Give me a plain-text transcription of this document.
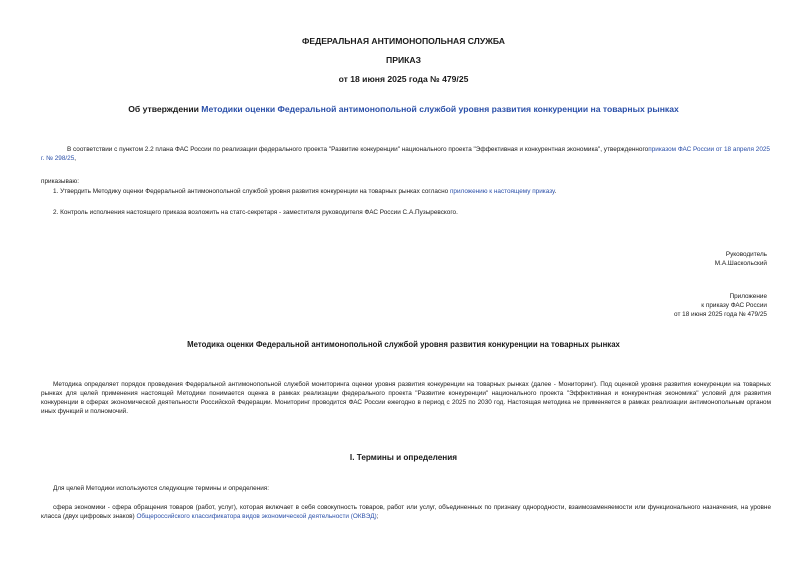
ФЕДЕРАЛЬНАЯ АНТИМОНОПОЛЬНАЯ СЛУЖБА
ПРИКАЗ
от 18 июня 2025 года № 479/25
Об утверждении Методики оценки Федеральной антимонопольной службой уровня развития конкуренции на товарных рынках
В соответствии с пунктом 2.2 плана ФАС России по реализации федерального проекта "Развитие конкуренции" национального проекта "Эффективная и конкурентная экономика", утвержденногоприказом ФАС России от 18 апреля 2025 г. № 298/25,
приказываю:
1. Утвердить Методику оценки Федеральной антимонопольной службой уровня развития конкуренции на товарных рынках согласно приложению к настоящему приказу.
2. Контроль исполнения настоящего приказа возложить на статс-секретаря - заместителя руководителя ФАС России С.А.Пузыревского.
Руководитель
М.А.Шаскольский
Приложение
к приказу ФАС России
от 18 июня 2025 года № 479/25
Методика оценки Федеральной антимонопольной службой уровня развития конкуренции на товарных рынках
Методика определяет порядок проведения Федеральной антимонопольной службой мониторинга оценки уровня развития конкуренции на товарных рынках (далее - Мониторинг). Под оценкой уровня развития конкуренции на товарных рынках для целей применения настоящей Методики понимается оценка в рамках реализации федерального проекта "Развитие конкуренции" национального проекта "Эффективная и конкурентная экономика" условий для развития конкуренции в сферах экономической деятельности Российской Федерации. Мониторинг проводится ФАС России ежегодно в период с 2025 по 2030 год. Настоящая методика не применяется в рамках реализации антимонопольным органом иных функций и полномочий.
I. Термины и определения
Для целей Методики используются следующие термины и определения:
сфера экономики - сфера обращения товаров (работ, услуг), которая включает в себя совокупность товаров, работ или услуг, объединенных по признаку однородности, взаимозаменяемости или функционального назначения, на уровне класса (двух цифровых знаков) Общероссийского классификатора видов экономической деятельности (ОКВЭД);
